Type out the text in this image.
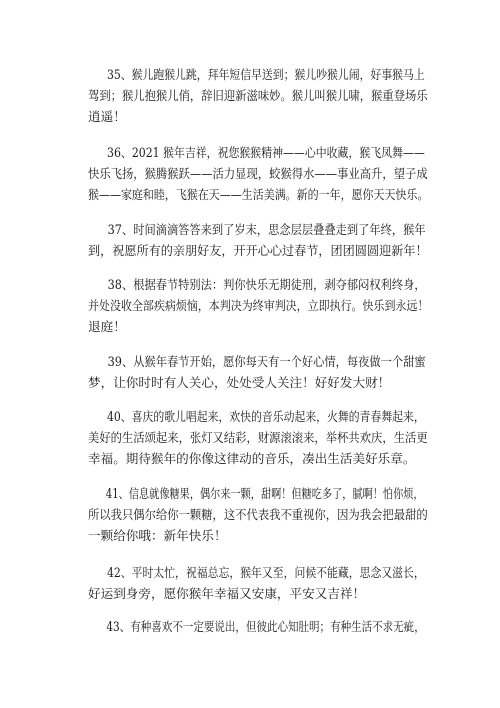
35、猴儿跑猴儿跳，拜年短信早送到；猴儿吵猴儿闹，好事猴马上
驾到；猴儿抱猴儿俏，辞旧迎新滋味妙。猴儿叫猴儿啸，猴重登场乐
逍遥！

36、2021 猴年吉祥，祝您猴猴精神——心中收藏，猴飞凤舞——
快乐飞扬，猴腾猴跃——活力显现，蛟猴得水——事业高升，望子成
猴——家庭和睦，飞猴在天——生活美满。新的一年，愿你天天快乐。

37、时间滴滴答答来到了岁末，思念层层叠叠走到了年终，猴年
到，祝愿所有的亲朋好友，开开心心过春节，团团圆圆迎新年！

38、根据春节特别法：判你快乐无期徒刑，剥夺郁闷权利终身，
并处没收全部疾病烦恼，本判决为终审判决，立即执行。快乐到永远！
退庭！

39、从猴年春节开始，愿你每天有一个好心情，每夜做一个甜蜜
梦，让你时时有人关心，处处受人关注！好好发大财！

40、喜庆的歌儿唱起来，欢快的音乐动起来，火舞的青春舞起来，
美好的生活颂起来，张灯又结彩，财源滚滚来，举杯共欢庆，生活更
幸福。期待猴年的你像这律动的音乐，凑出生活美好乐章。

41、信息就像糖果，偶尔来一颗，甜啊！但糖吃多了，腻啊！怕你烦，
所以我只偶尔给你一颗糖，这不代表我不重视你，因为我会把最甜的
一颗给你哦：新年快乐！

42、平时太忙，祝福总忘，猴年又至，问候不能藏，思念又滋长，
好运到身旁，愿你猴年幸福又安康，平安又吉祥！

43、有种喜欢不一定要说出，但彼此心知肚明；有种生活不求无疵，
